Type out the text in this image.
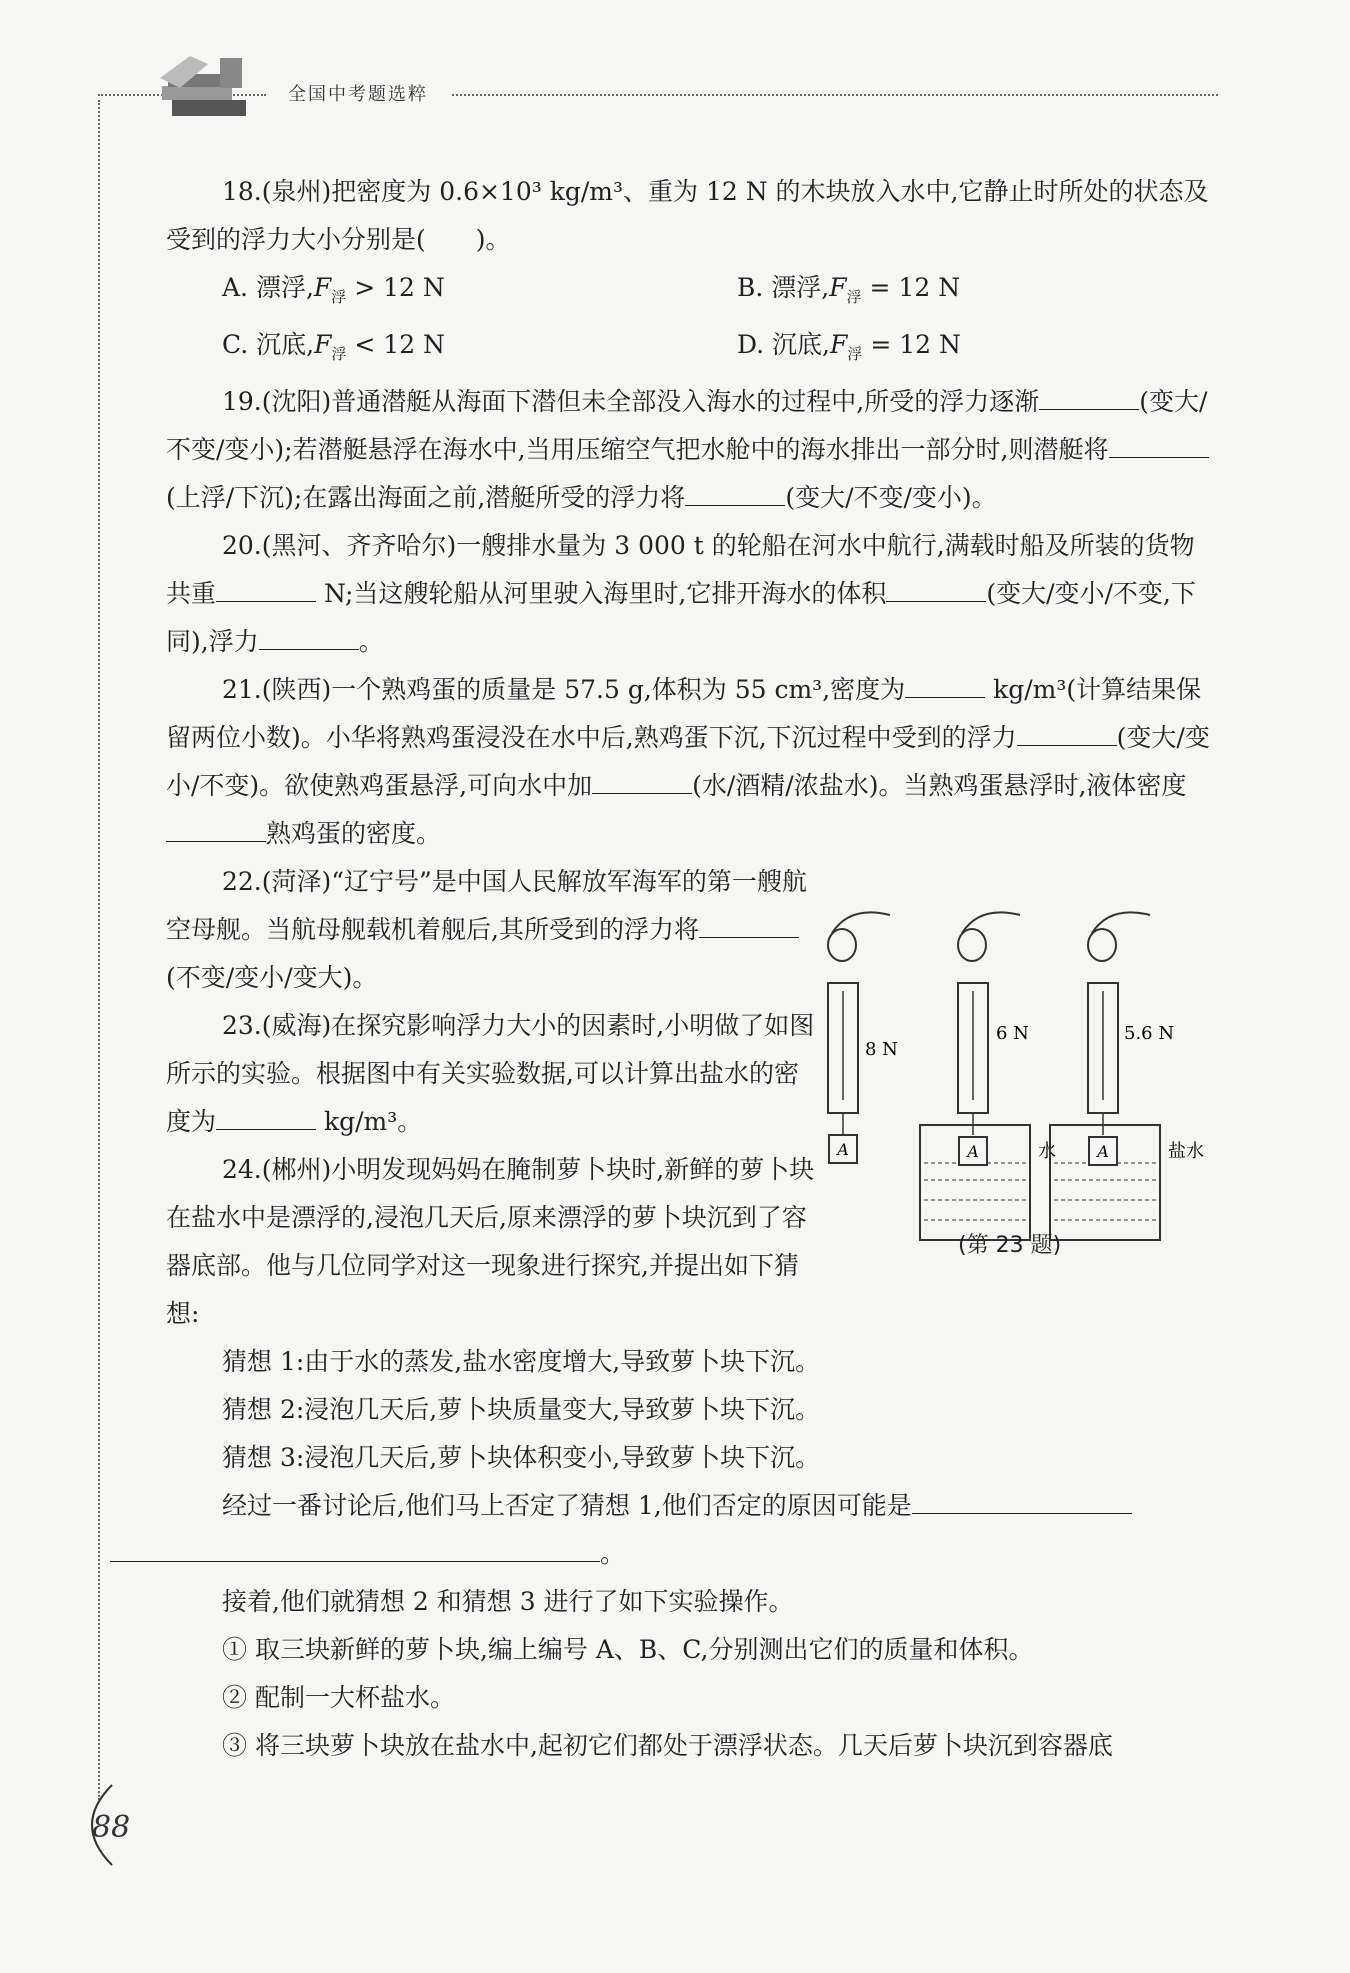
全国中考题选粹

18.(泉州)把密度为 0.6×10³ kg/m³、重为 12 N 的木块放入水中,它静止时所处的状态及受到的浮力大小分别是(　　)。

A. 漂浮$,F_浮 > 12$ N	B. 漂浮$,F_浮 = 12$ N
C. 沉底$,F_浮 < 12$ N	D. 沉底$,F_浮 = 12$ N

19.(沈阳)普通潜艇从海面下潜但未全部没入海水的过程中,所受的浮力逐渐	(变大/不变/变小);若潜艇悬浮在海水中,当用压缩空气把水舱中的海水排出一部分时,则潜艇将(上浮/下沉);在露出海面之前,潜艇所受的浮力将	(变大/不变/变小)。

20.(黑河、齐齐哈尔)一艘排水量为 3 000 t 的轮船在河水中航行,满载时船及所装的货物共重	N;当这艘轮船从河里驶入海里时,它排开海水的体积	(变大/变小/不变,下同),浮力	。

21.(陕西)一个熟鸡蛋的质量是 57.5 g,体积为 55 cm³,密度为	kg/m³(计算结果保留两位小数)。小华将熟鸡蛋浸没在水中后,熟鸡蛋下沉,下沉过程中受到的浮力	(变大/变小/不变)。欲使熟鸡蛋悬浮,可向水中加	(水/酒精/浓盐水)。当熟鸡蛋悬浮时,液体密度熟鸡蛋的密度。

22.(菏泽)“辽宁号”是中国人民解放军海军的第一艘航空母舰。当航母舰载机着舰后,其所受到的浮力将(不变/变小/变大)。

23.(威海)在探究影响浮力大小的因素时,小明做了如图所示的实验。根据图中有关实验数据,可以计算出盐水的密度为	kg/m³。

24.(郴州)小明发现妈妈在腌制萝卜块时,新鲜的萝卜块在盐水中是漂浮的,浸泡几天后,原来漂浮的萝卜块沉到了容器底部。他与几位同学对这一现象进行探究,并提出如下猜想:

猜想 1:由于水的蒸发,盐水密度增大,导致萝卜块下沉。

猜想 2:浸泡几天后,萝卜块质量变大,导致萝卜块下沉。

猜想 3:浸泡几天后,萝卜块体积变小,导致萝卜块下沉。

经过一番讨论后,他们马上否定了猜想 1,他们否定的原因可能是
。

接着,他们就猜想 2 和猜想 3 进行了如下实验操作。

① 取三块新鲜的萝卜块,编上编号 A、B、C,分别测出它们的质量和体积。

② 配制一大杯盐水。

③ 将三块萝卜块放在盐水中,起初它们都处于漂浮状态。几天后萝卜块沉到容器底

A
8 N
A
6 N
水	A
5.6 N
盐水
(第 23 题)
88
